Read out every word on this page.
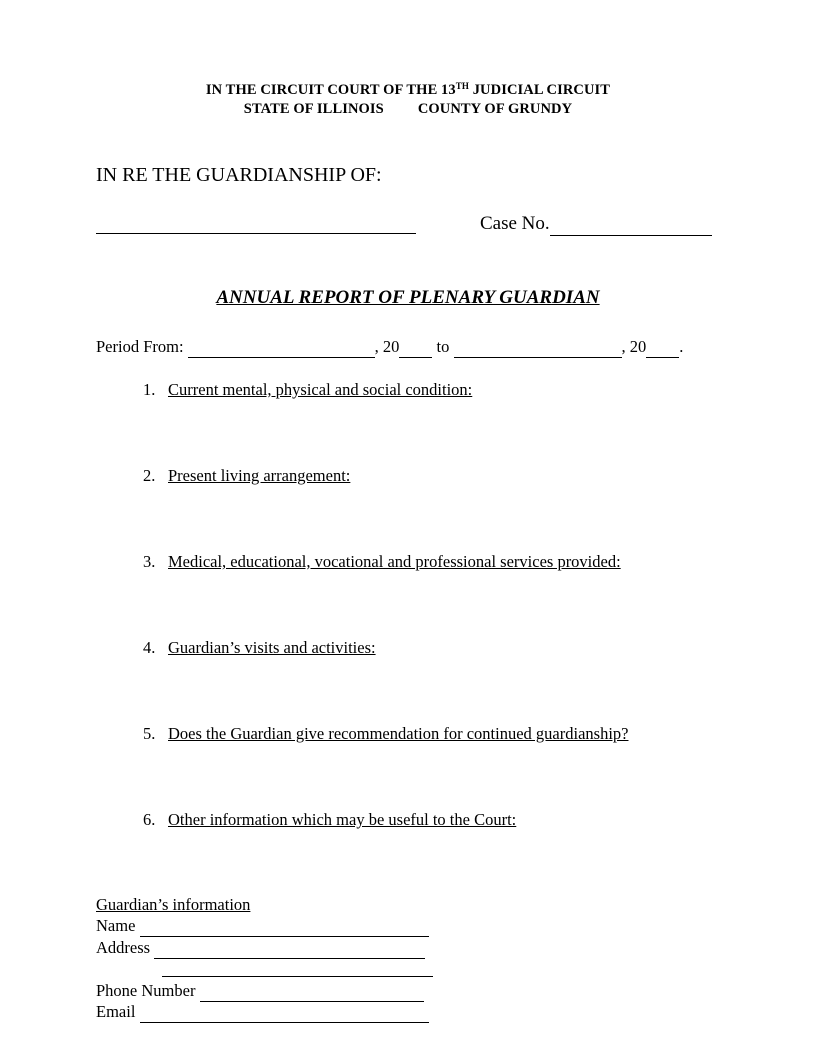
IN THE CIRCUIT COURT OF THE 13TH JUDICIAL CIRCUIT
STATE OF ILLINOIS COUNTY OF GRUNDY
IN RE THE GUARDIANSHIP OF:
Case No.
ANNUAL REPORT OF PLENARY GUARDIAN
Period From:	, 20 to	, 20 .
1. Current mental, physical and social condition:
2. Present living arrangement:
3. Medical, educational, vocational and professional services provided:
4. Guardian’s visits and activities:
5. Does the Guardian give recommendation for continued guardianship?
6. Other information which may be useful to the Court:
Guardian’s information
Name
Address
Phone Number
Email
